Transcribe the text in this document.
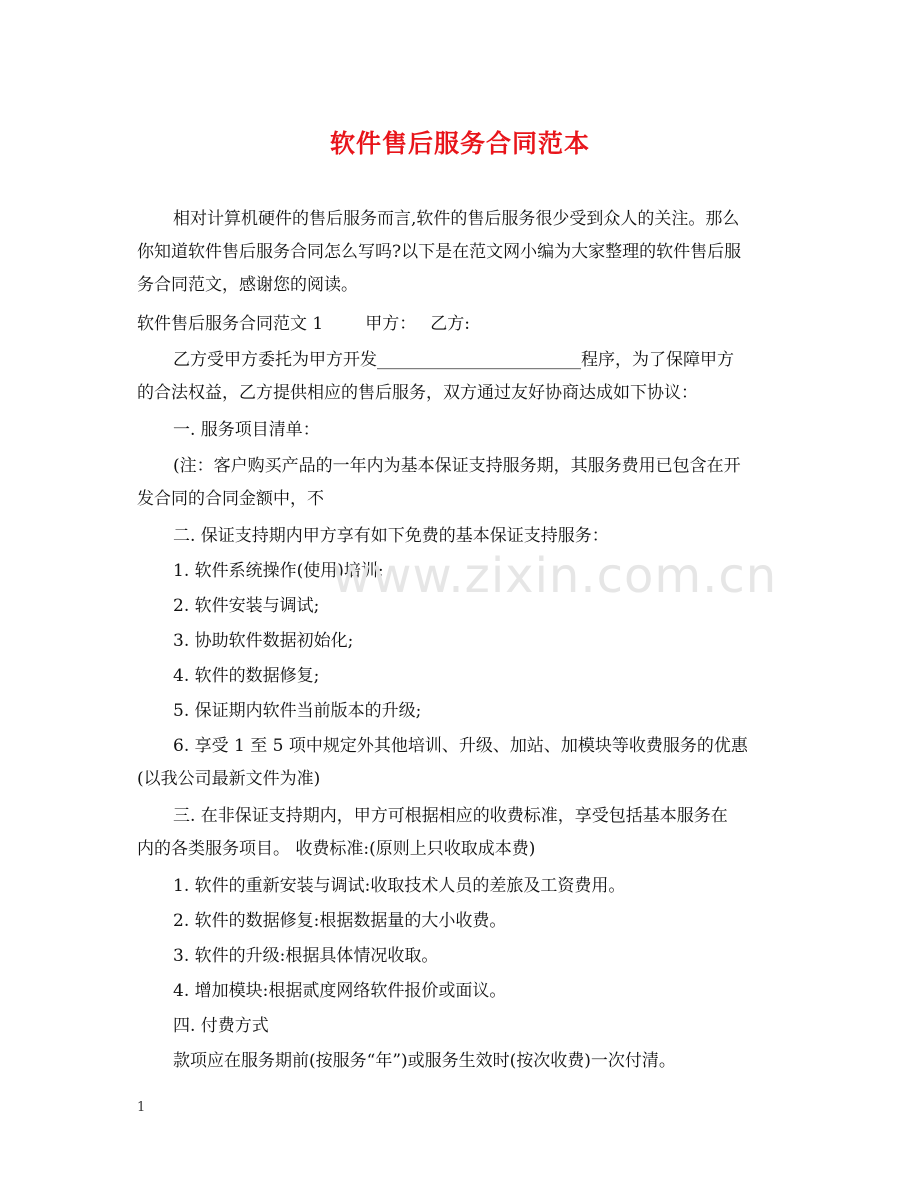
软件售后服务合同范本
相对计算机硬件的售后服务而言,软件的售后服务很少受到众人的关注。那么
你知道软件售后服务合同怎么写吗?以下是在范文网小编为大家整理的软件售后服
务合同范文，感谢您的阅读。
软件售后服务合同范文 1 甲方： 乙方:
乙方受甲方委托为甲方开发________________________程序，为了保障甲方
的合法权益，乙方提供相应的售后服务，双方通过友好协商达成如下协议：
一. 服务项目清单：
(注：客户购买产品的一年内为基本保证支持服务期，其服务费用已包含在开
发合同的合同金额中，不
二. 保证支持期内甲方享有如下免费的基本保证支持服务：
1. 软件系统操作(使用)培训;
2. 软件安装与调试;
3. 协助软件数据初始化;
4. 软件的数据修复;
5. 保证期内软件当前版本的升级;
6. 享受 1 至 5 项中规定外其他培训、升级、加站、加模块等收费服务的优惠
(以我公司最新文件为准)
三. 在非保证支持期内，甲方可根据相应的收费标准，享受包括基本服务在
内的各类服务项目。 收费标准:(原则上只收取成本费)
1. 软件的重新安装与调试:收取技术人员的差旅及工资费用。
2. 软件的数据修复:根据数据量的大小收费。
3. 软件的升级:根据具体情况收取。
4. 增加模块:根据贰度网络软件报价或面议。
四. 付费方式
款项应在服务期前(按服务“年”)或服务生效时(按次收费)一次付清。
www.zixin.com.cn
1
